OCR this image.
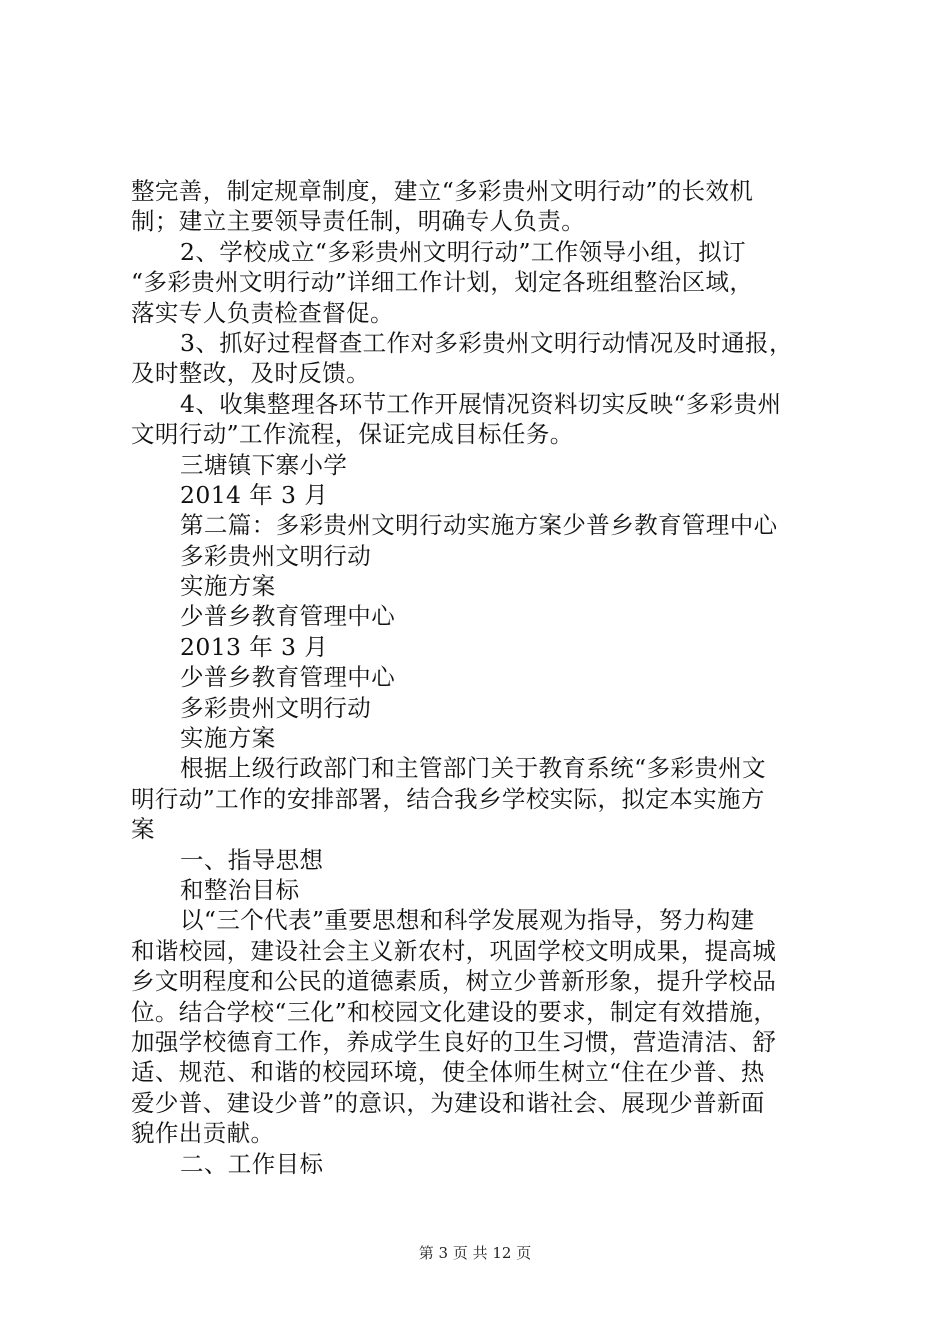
整完善，制定规章制度，建立“多彩贵州文明行动”的长效机
制；建立主要领导责任制，明确专人负责。
2、学校成立“多彩贵州文明行动”工作领导小组，拟订
“多彩贵州文明行动”详细工作计划，划定各班组整治区域，
落实专人负责检查督促。
3、抓好过程督查工作对多彩贵州文明行动情况及时通报，
及时整改，及时反馈。
4、收集整理各环节工作开展情况资料切实反映“多彩贵州
文明行动”工作流程，保证完成目标任务。
三塘镇下寨小学
2014 年 3 月
第二篇：多彩贵州文明行动实施方案少普乡教育管理中心
多彩贵州文明行动
实施方案
少普乡教育管理中心
2013 年 3 月
少普乡教育管理中心
多彩贵州文明行动
实施方案
根据上级行政部门和主管部门关于教育系统“多彩贵州文
明行动”工作的安排部署，结合我乡学校实际，拟定本实施方
案
一、指导思想
和整治目标
以“三个代表”重要思想和科学发展观为指导，努力构建
和谐校园，建设社会主义新农村，巩固学校文明成果，提高城
乡文明程度和公民的道德素质，树立少普新形象，提升学校品
位。结合学校“三化”和校园文化建设的要求，制定有效措施，
加强学校德育工作，养成学生良好的卫生习惯，营造清洁、舒
适、规范、和谐的校园环境，使全体师生树立“住在少普、热
爱少普、建设少普”的意识，为建设和谐社会、展现少普新面
貌作出贡献。
二、工作目标
第 3 页 共 12 页
